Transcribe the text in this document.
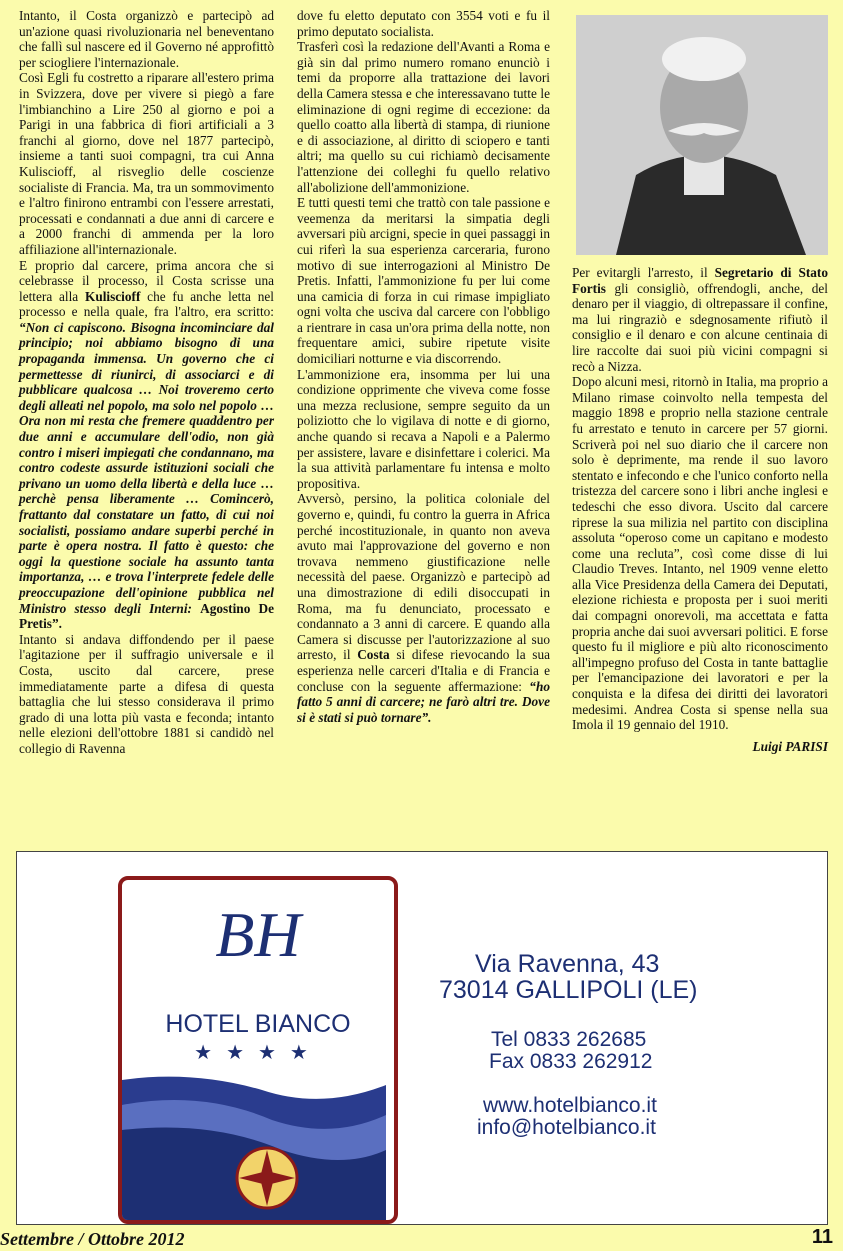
Intanto, il Costa organizzò e partecipò ad un'azione quasi rivoluzionaria nel beneventano che fallì sul nascere ed il Governo né approfittò per sciogliere l'internazionale.

Così Egli fu costretto a riparare all'estero prima in Svizzera, dove per vivere si piegò a fare l'imbianchino a Lire 250 al giorno e poi a Parigi in una fabbrica di fiori artificiali a 3 franchi al giorno, dove nel 1877 partecipò, insieme a tanti suoi compagni, tra cui Anna Kuliscioff, al risveglio delle coscienze socialiste di Francia. Ma, tra un sommovimento e l'altro finirono entrambi con l'essere arrestati, processati e condannati a due anni di carcere e a 2000 franchi di ammenda per la loro affiliazione all'internazionale.

E proprio dal carcere, prima ancora che si celebrasse il processo, il Costa scrisse una lettera alla Kuliscioff che fu anche letta nel processo e nella quale, fra l'altro, era scritto: “Non ci capiscono. Bisogna incominciare dal principio; noi abbiamo bisogno di una propaganda immensa. Un governo che ci permettesse di riunirci, di associarci e di pubblicare qualcosa … Noi troveremo certo degli alleati nel popolo, ma solo nel popolo … Ora non mi resta che fremere quaddentro per due anni e accumulare dell'odio, non già contro i miseri impiegati che condannano, ma contro codeste assurde istituzioni sociali che privano un uomo della libertà e della luce … perchè pensa liberamente … Comincerò, frattanto dal constatare un fatto, di cui noi socialisti, possiamo andare superbi perché in parte è opera nostra. Il fatto è questo: che oggi la questione sociale ha assunto tanta importanza, … e trova l'interprete fedele delle preoccupazione dell'opinione pubblica nel Ministro stesso degli Interni: Agostino De Pretis”.

Intanto si andava diffondendo per il paese l'agitazione per il suffragio universale e il Costa, uscito dal carcere, prese immediatamente parte a difesa di questa battaglia che lui stesso considerava il primo grado di una lotta più vasta e feconda; intanto nelle elezioni dell'ottobre 1881 si candidò nel collegio di Ravenna

dove fu eletto deputato con 3554 voti e fu il primo deputato socialista.

Trasferì così la redazione dell'Avanti a Roma e già sin dal primo numero romano enunciò i temi da proporre alla trattazione dei lavori della Camera stessa e che interessavano tutte le eliminazione di ogni regime di eccezione: da quello coatto alla libertà di stampa, di riunione e di associazione, al diritto di sciopero e tanti altri; ma quello su cui richiamò decisamente l'attenzione dei colleghi fu quello relativo all'abolizione dell'ammonizione.

E tutti questi temi che trattò con tale passione e veemenza da meritarsi la simpatia degli avversari più arcigni, specie in quei passaggi in cui riferì la sua esperienza carceraria, furono motivo di sue interrogazioni al Ministro De Pretis. Infatti, l'ammonizione fu per lui come una camicia di forza in cui rimase impigliato ogni volta che usciva dal carcere con l'obbligo a rientrare in casa un'ora prima della notte, non frequentare amici, subire ripetute visite domiciliari notturne e via discorrendo.

L'ammonizione era, insomma per lui una condizione opprimente che viveva come fosse una mezza reclusione, sempre seguito da un poliziotto che lo vigilava di notte e di giorno, anche quando si recava a Napoli e a Palermo per assistere, lavare e disinfettare i colerici. Ma la sua attività parlamentare fu intensa e molto propositiva.

Avversò, persino, la politica coloniale del governo e, quindi, fu contro la guerra in Africa perché incostituzionale, in quanto non aveva avuto mai l'approvazione del governo e non trovava nemmeno giustificazione nelle necessità del paese. Organizzò e partecipò ad una dimostrazione di edili disoccupati in Roma, ma fu denunciato, processato e condannato a 3 anni di carcere. E quando alla Camera si discusse per l'autorizzazione al suo arresto, il Costa si difese rievocando la sua esperienza nelle carceri d'Italia e di Francia e concluse con la seguente affermazione: “ho fatto 5 anni di carcere; ne farò altri tre. Dove si è stati si può tornare”.

Per evitargli l'arresto, il Segretario di Stato Fortis gli consigliò, offrendogli, anche, del denaro per il viaggio, di oltrepassare il confine, ma lui ringraziò e sdegnosamente rifiutò il consiglio e il denaro e con alcune centinaia di lire raccolte dai suoi più vicini compagni si recò a Nizza.

Dopo alcuni mesi, ritornò in Italia, ma proprio a Milano rimase coinvolto nella tempesta del maggio 1898 e proprio nella stazione centrale fu arrestato e tenuto in carcere per 57 giorni. Scriverà poi nel suo diario che il carcere non solo è deprimente, ma rende il suo lavoro stentato e infecondo e che l'unico conforto nella tristezza del carcere sono i libri anche inglesi e tedeschi che esso divora. Uscito dal carcere riprese la sua milizia nel partito con disciplina assoluta “operoso come un capitano e modesto come una recluta”, così come disse di lui Claudio Treves. Intanto, nel 1909 venne eletto alla Vice Presidenza della Camera dei Deputati, elezione richiesta e proposta per i suoi meriti dai compagni onorevoli, ma accettata e fatta propria anche dai suoi avversari politici. E forse questo fu il migliore e più alto riconoscimento all'impegno profuso del Costa in tante battaglie per l'emancipazione dei lavoratori e per la conquista e la difesa dei diritti dei lavoratori medesimi. Andrea Costa si spense nella sua Imola il 19 gennaio del 1910.

Luigi PARISI
BH
HOTEL BIANCO
★★★★
Via Ravenna, 43
73014 GALLIPOLI (LE)
Tel 0833 262685
Fax 0833 262912
www.hotelbianco.it
info@hotelbianco.it
Settembre / Ottobre 2012	11
